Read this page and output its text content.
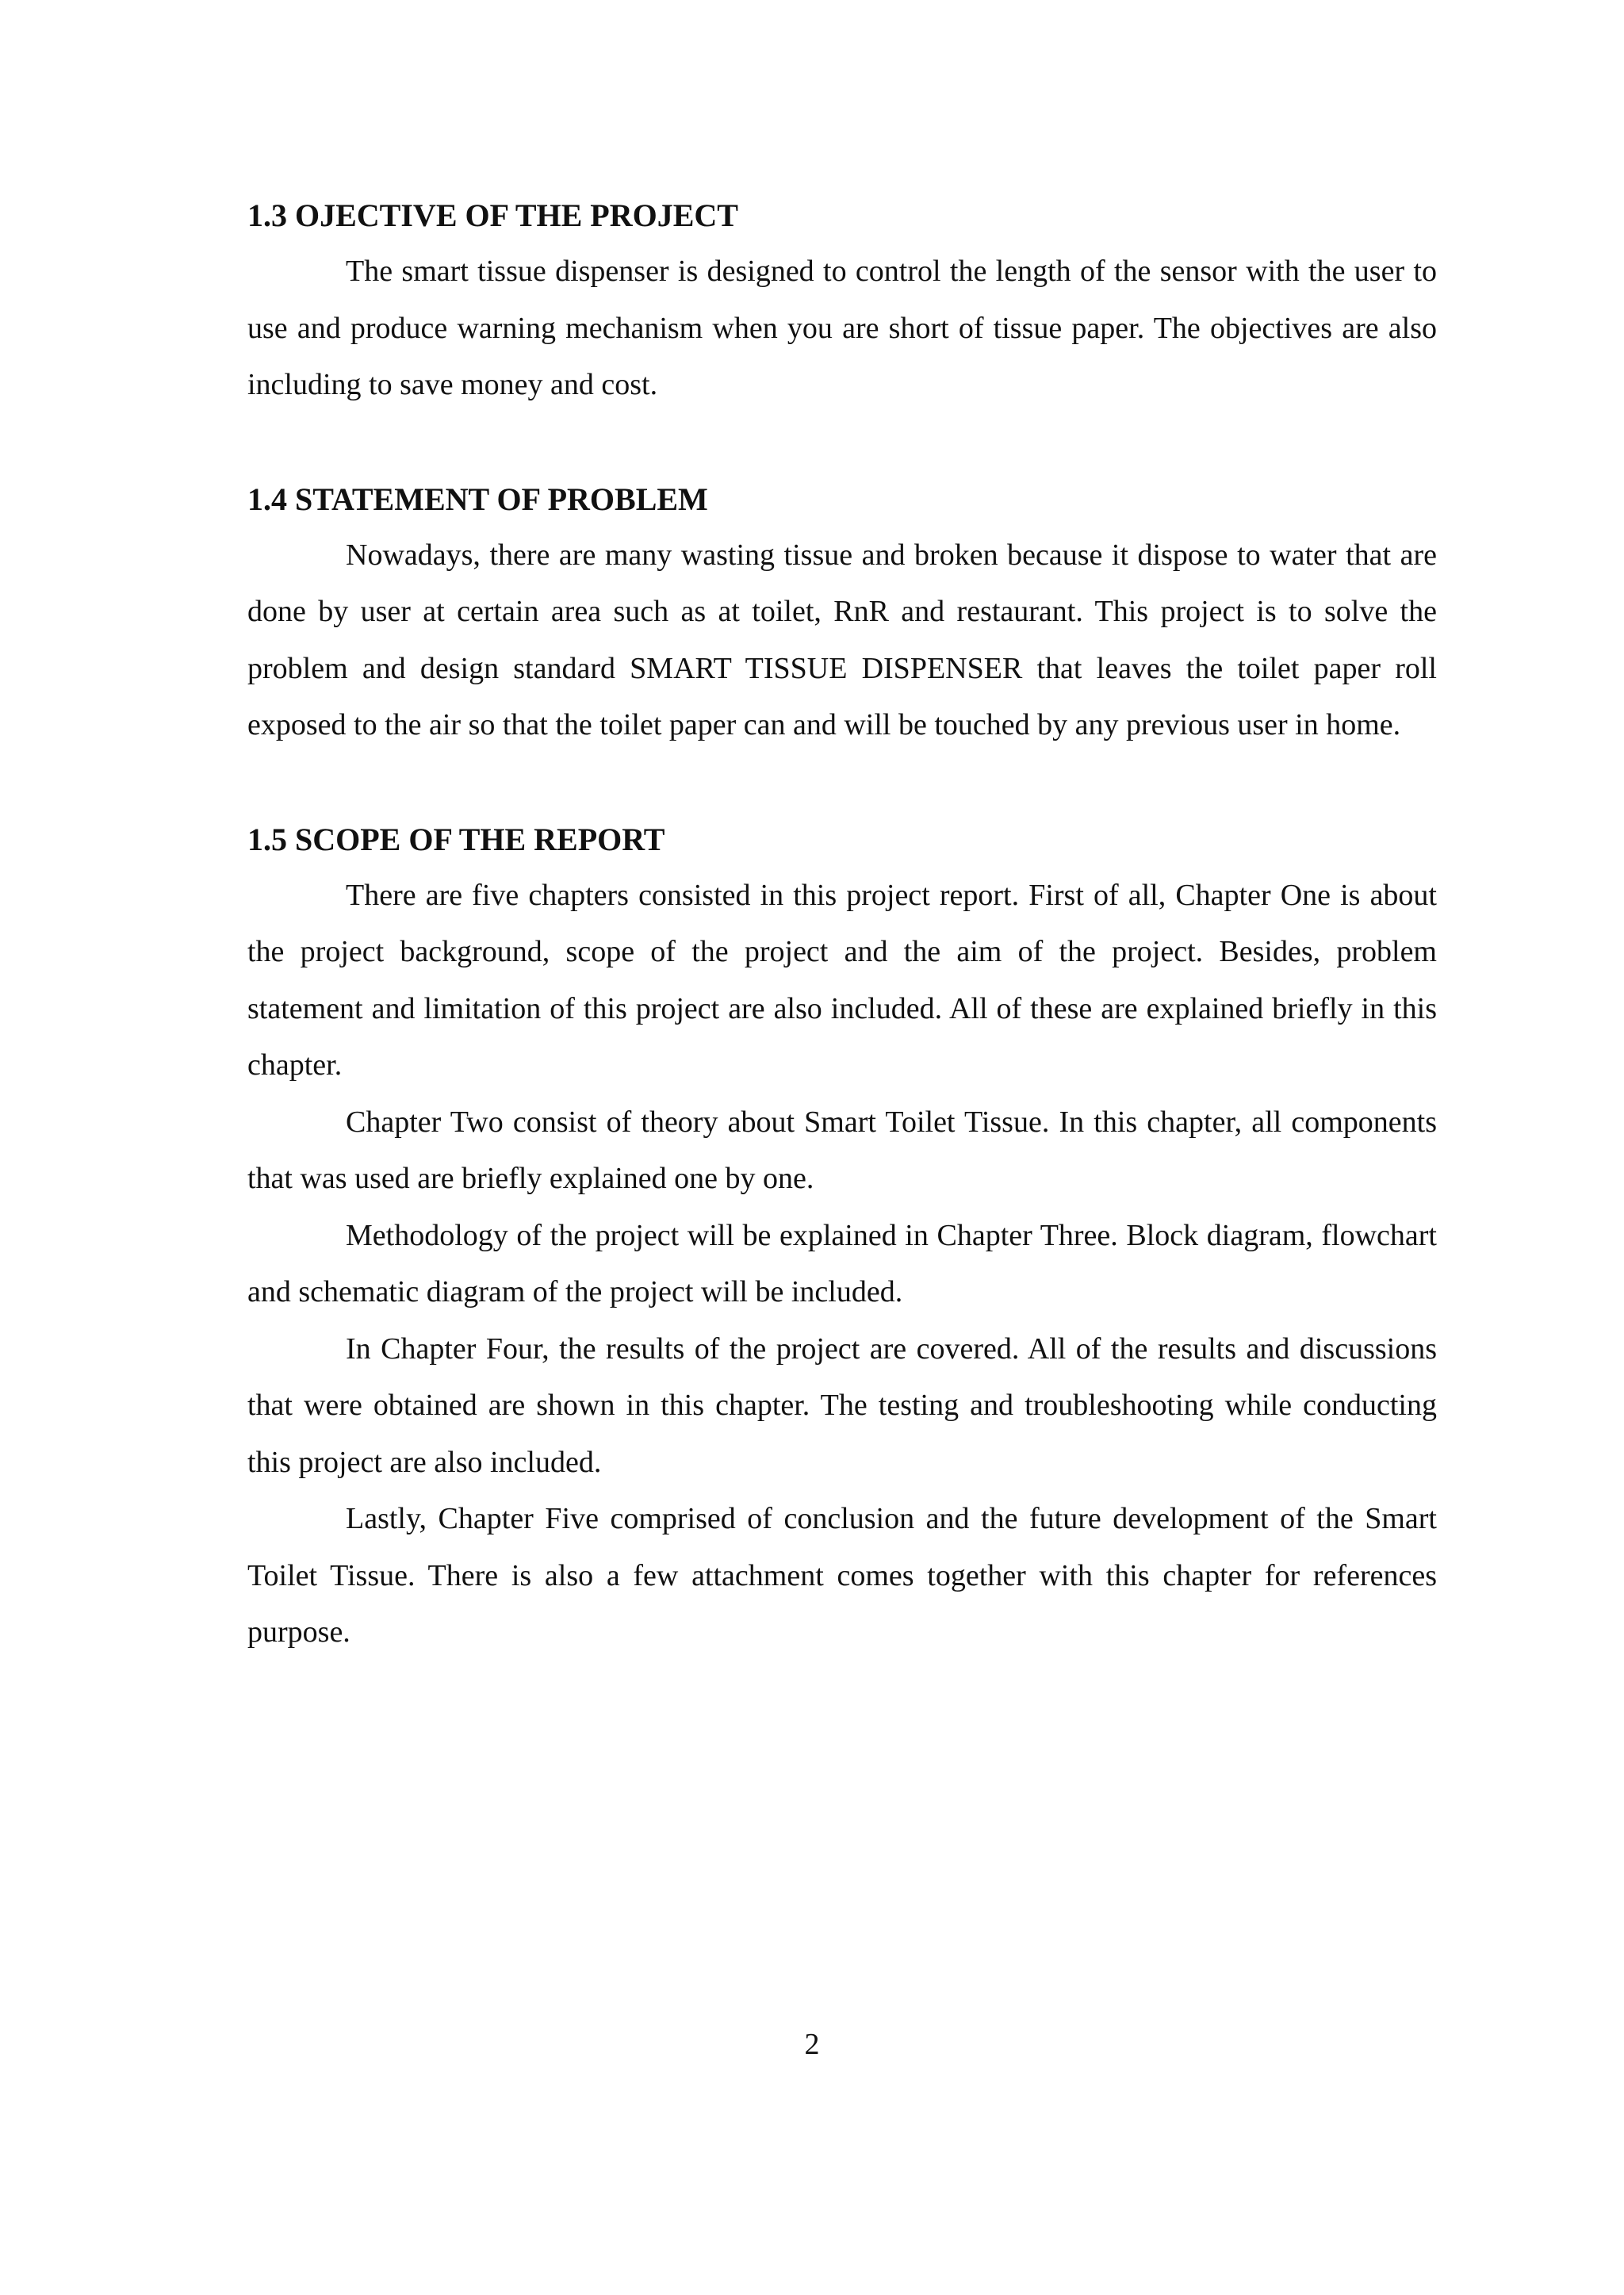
1.3 OJECTIVE OF THE PROJECT

The smart tissue dispenser is designed to control the length of the sensor with the user to use and produce warning mechanism when you are short of tissue paper. The objectives are also including to save money and cost.

1.4 STATEMENT OF PROBLEM

Nowadays, there are many wasting tissue and broken because it dispose to water that are done by user at certain area such as at toilet, RnR and restaurant. This project is to solve the problem and design standard SMART TISSUE DISPENSER that leaves the toilet paper roll exposed to the air so that the toilet paper can and will be touched by any previous user in home.

1.5 SCOPE OF THE REPORT

There are five chapters consisted in this project report. First of all, Chapter One is about the project background, scope of the project and the aim of the project. Besides, problem statement and limitation of this project are also included. All of these are explained briefly in this chapter.

Chapter Two consist of theory about Smart Toilet Tissue. In this chapter, all components that was used are briefly explained one by one.

Methodology of the project will be explained in Chapter Three. Block diagram, flowchart and schematic diagram of the project will be included.

In Chapter Four, the results of the project are covered. All of the results and discussions that were obtained are shown in this chapter. The testing and troubleshooting while conducting this project are also included.

Lastly, Chapter Five comprised of conclusion and the future development of the Smart Toilet Tissue. There is also a few attachment comes together with this chapter for references purpose.

2
